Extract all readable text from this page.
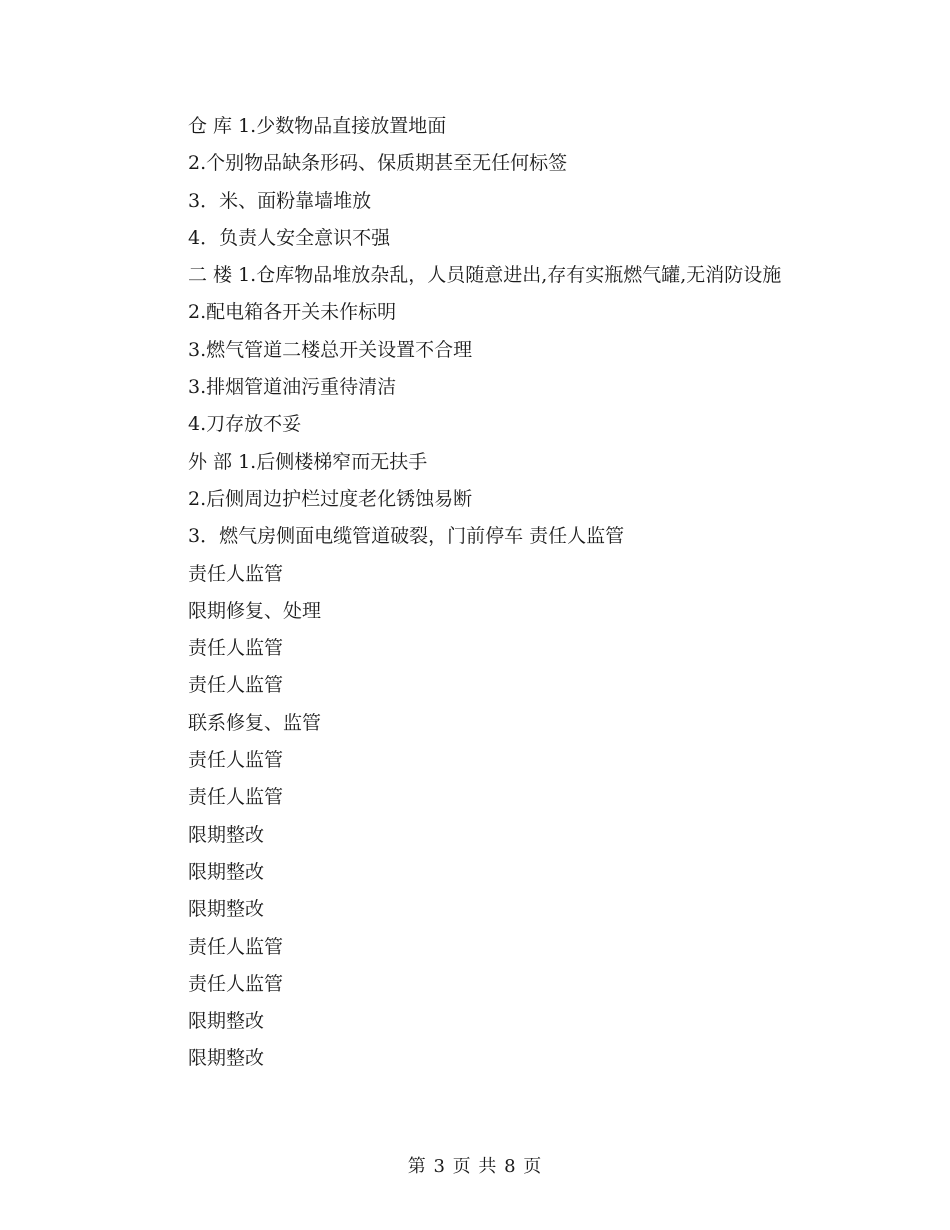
仓 库 1.少数物品直接放置地面

2.个别物品缺条形码、保质期甚至无任何标签

3．米、面粉靠墙堆放

4．负责人安全意识不强

二 楼 1.仓库物品堆放杂乱，人员随意进出,存有实瓶燃气罐,无消防设施

2.配电箱各开关未作标明

3.燃气管道二楼总开关设置不合理

3.排烟管道油污重待清洁

4.刀存放不妥

外 部 1.后侧楼梯窄而无扶手

2.后侧周边护栏过度老化锈蚀易断

3．燃气房侧面电缆管道破裂，门前停车 责任人监管

责任人监管

限期修复、处理

责任人监管

责任人监管

联系修复、监管

责任人监管

责任人监管

限期整改

限期整改

限期整改

责任人监管

责任人监管

限期整改

限期整改

第 3 页 共 8 页
